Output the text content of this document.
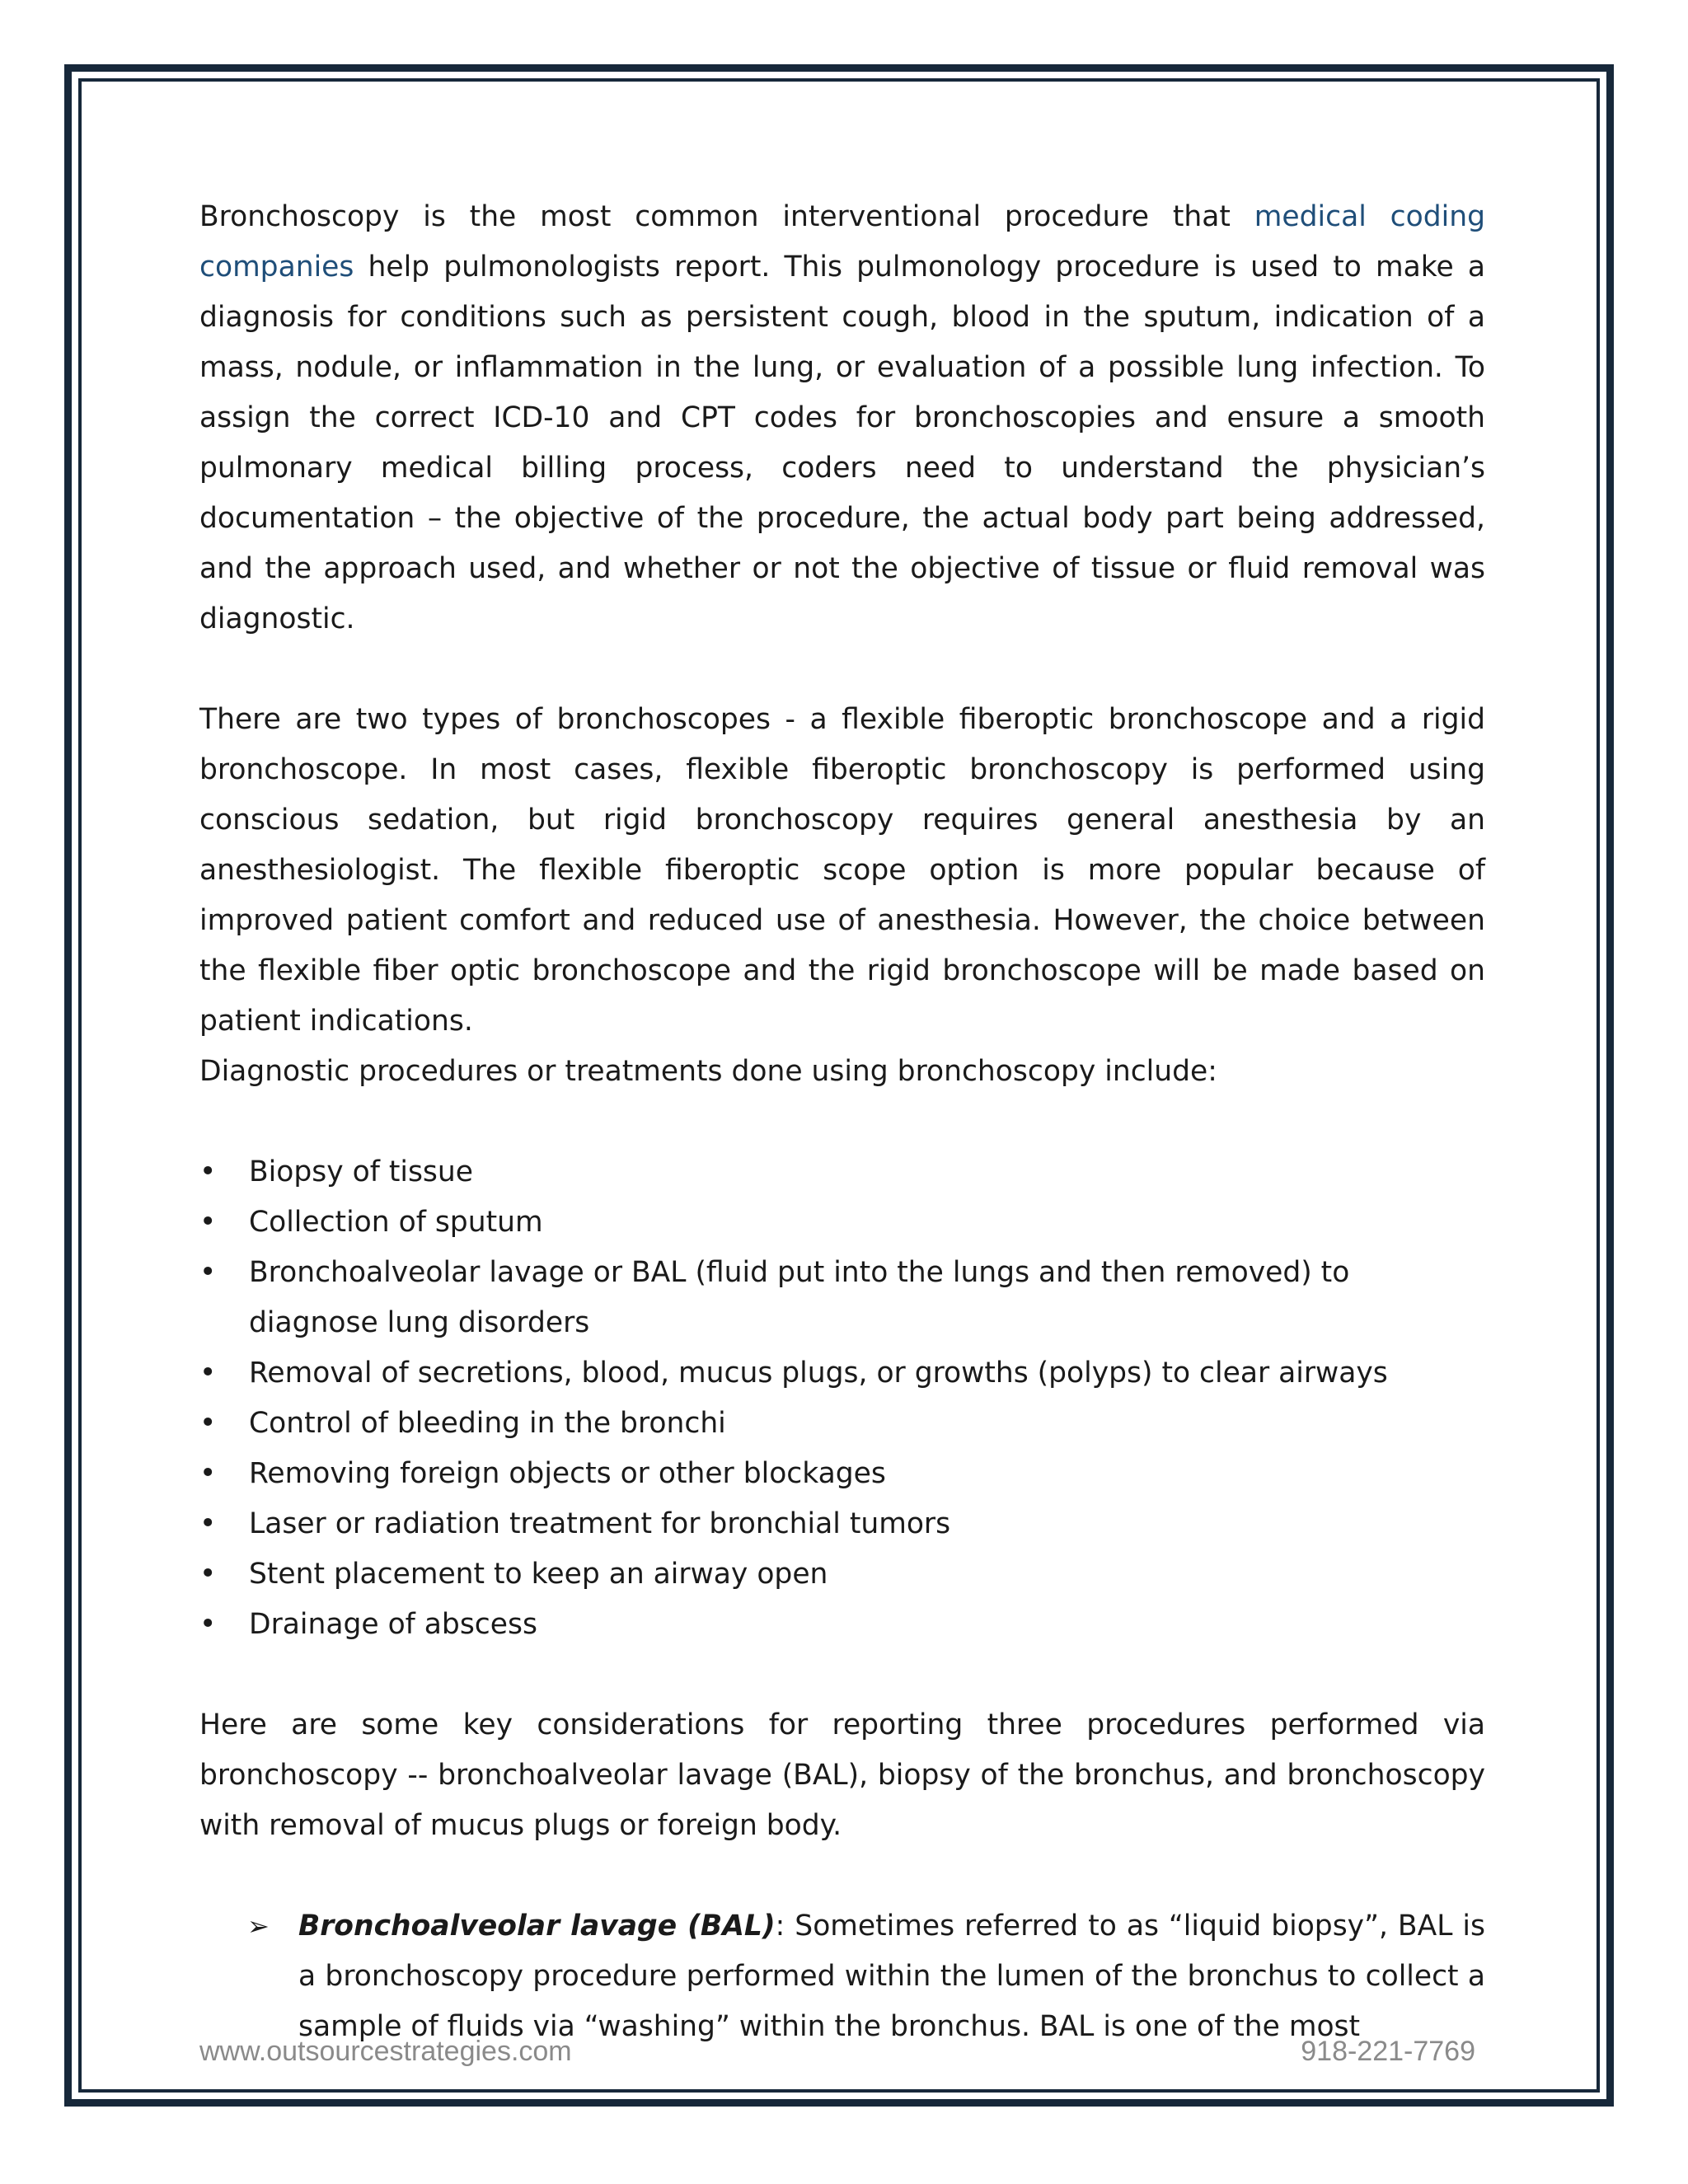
Bronchoscopy is the most common interventional procedure that medical coding companies help pulmonologists report. This pulmonology procedure is used to make a diagnosis for conditions such as persistent cough, blood in the sputum, indication of a mass, nodule, or inflammation in the lung, or evaluation of a possible lung infection. To assign the correct ICD-10 and CPT codes for bronchoscopies and ensure a smooth pulmonary medical billing process, coders need to understand the physician’s documentation – the objective of the procedure, the actual body part being addressed, and the approach used, and whether or not the objective of tissue or fluid removal was diagnostic.

There are two types of bronchoscopes - a flexible fiberoptic bronchoscope and a rigid bronchoscope. In most cases, flexible fiberoptic bronchoscopy is performed using conscious sedation, but rigid bronchoscopy requires general anesthesia by an anesthesiologist. The flexible fiberoptic scope option is more popular because of improved patient comfort and reduced use of anesthesia. However, the choice between the flexible fiber optic bronchoscope and the rigid bronchoscope will be made based on patient indications.

Diagnostic procedures or treatments done using bronchoscopy include:

• Biopsy of tissue
• Collection of sputum
• Bronchoalveolar lavage or BAL (fluid put into the lungs and then removed) to diagnose lung disorders
• Removal of secretions, blood, mucus plugs, or growths (polyps) to clear airways
• Control of bleeding in the bronchi
• Removing foreign objects or other blockages
• Laser or radiation treatment for bronchial tumors
• Stent placement to keep an airway open
• Drainage of abscess

Here are some key considerations for reporting three procedures performed via bronchoscopy -- bronchoalveolar lavage (BAL), biopsy of the bronchus, and bronchoscopy with removal of mucus plugs or foreign body.

➢ Bronchoalveolar lavage (BAL): Sometimes referred to as “liquid biopsy”, BAL is a bronchoscopy procedure performed within the lumen of the bronchus to collect a sample of fluids via “washing” within the bronchus. BAL is one of the most

www.outsourcestrategies.com	918-221-7769
